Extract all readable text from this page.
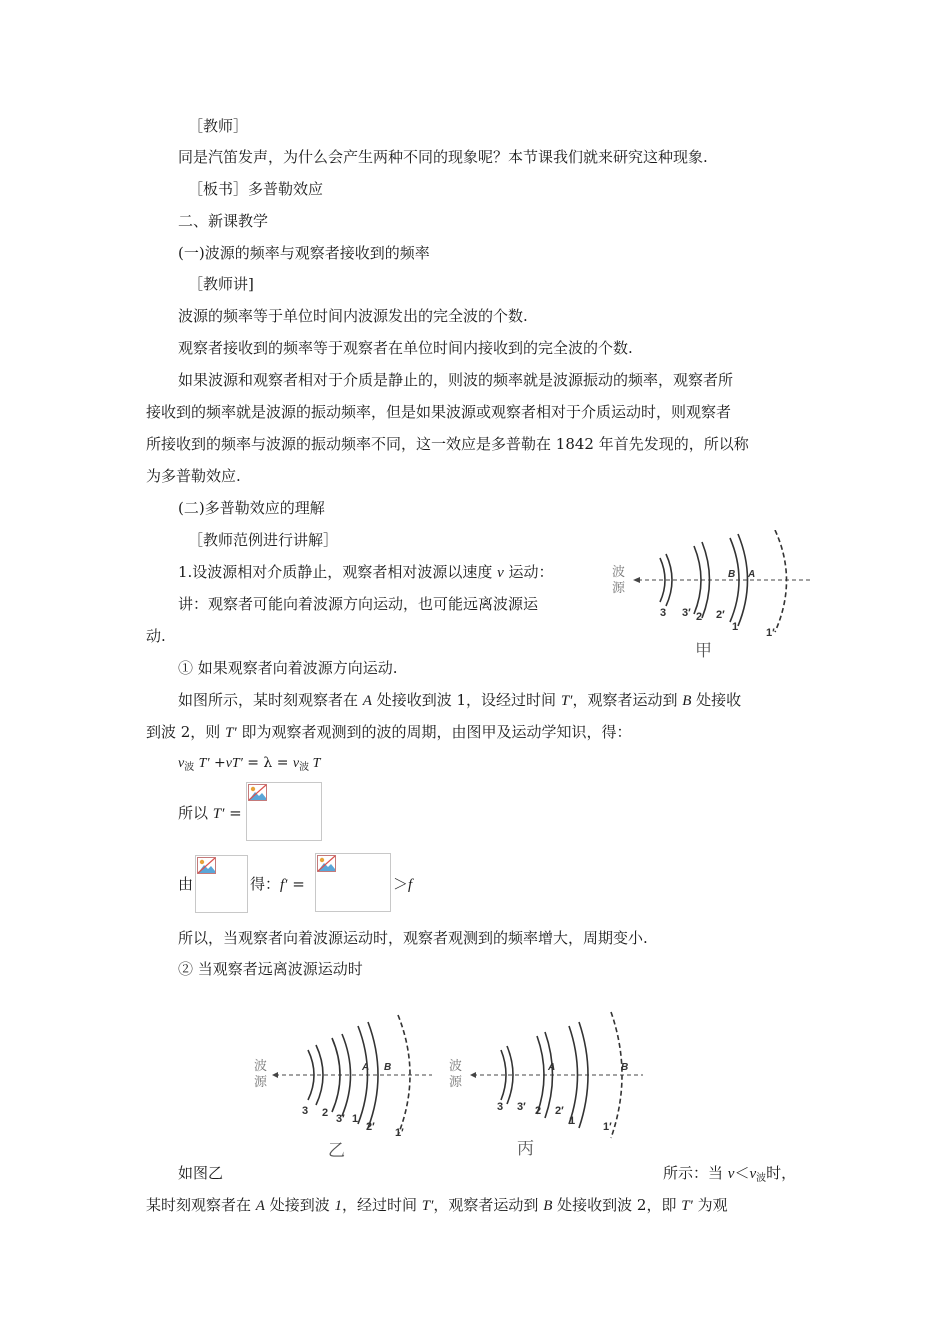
［教师］
同是汽笛发声，为什么会产生两种不同的现象呢？本节课我们就来研究这种现象.
［板书］多普勒效应
二、新课教学
(一)波源的频率与观察者接收到的频率
［教师讲]
波源的频率等于单位时间内波源发出的完全波的个数.
观察者接收到的频率等于观察者在单位时间内接收到的完全波的个数.
如果波源和观察者相对于介质是静止的，则波的频率就是波源振动的频率，观察者所
接收到的频率就是波源的振动频率，但是如果波源或观察者相对于介质运动时，则观察者
所接收到的频率与波源的振动频率不同，这一效应是多普勒在 1842 年首先发现的，所以称
为多普勒效应.
(二)多普勒效应的理解
［教师范例进行讲解］
1.设波源相对介质静止，观察者相对波源以速度 v 运动：
讲：观察者可能向着波源方向运动，也可能远离波源运
动.
① 如果观察者向着波源方向运动.
如图所示，某时刻观察者在 A 处接收到波 1，设经过时间 T′，观察者运动到 B 处接收
到波 2，则 T′ 即为观察者观测到的波的周期，由图甲及运动学知识，得：
$v_波$ $T' +vT' = \lambda = v_波$ T
所以 T′ =
由	得：f′ =	＞f
所以，当观察者向着波源运动时，观察者观测到的频率增大，周期变小.
② 当观察者远离波源运动时
如图乙	所示：当 $v<v_波$时，
某时刻观察者在 A 处接到波 1，经过时间 T′，观察者运动到 B 处接收到波 2，即 T′ 为观
波
源
B A
3 3′ 2 2′
1	1′
甲
波
源
A B
3 2 3′ 1
2′ 1′
乙
波
源
A	B
3 3′ 2 2′
1	1′
丙
